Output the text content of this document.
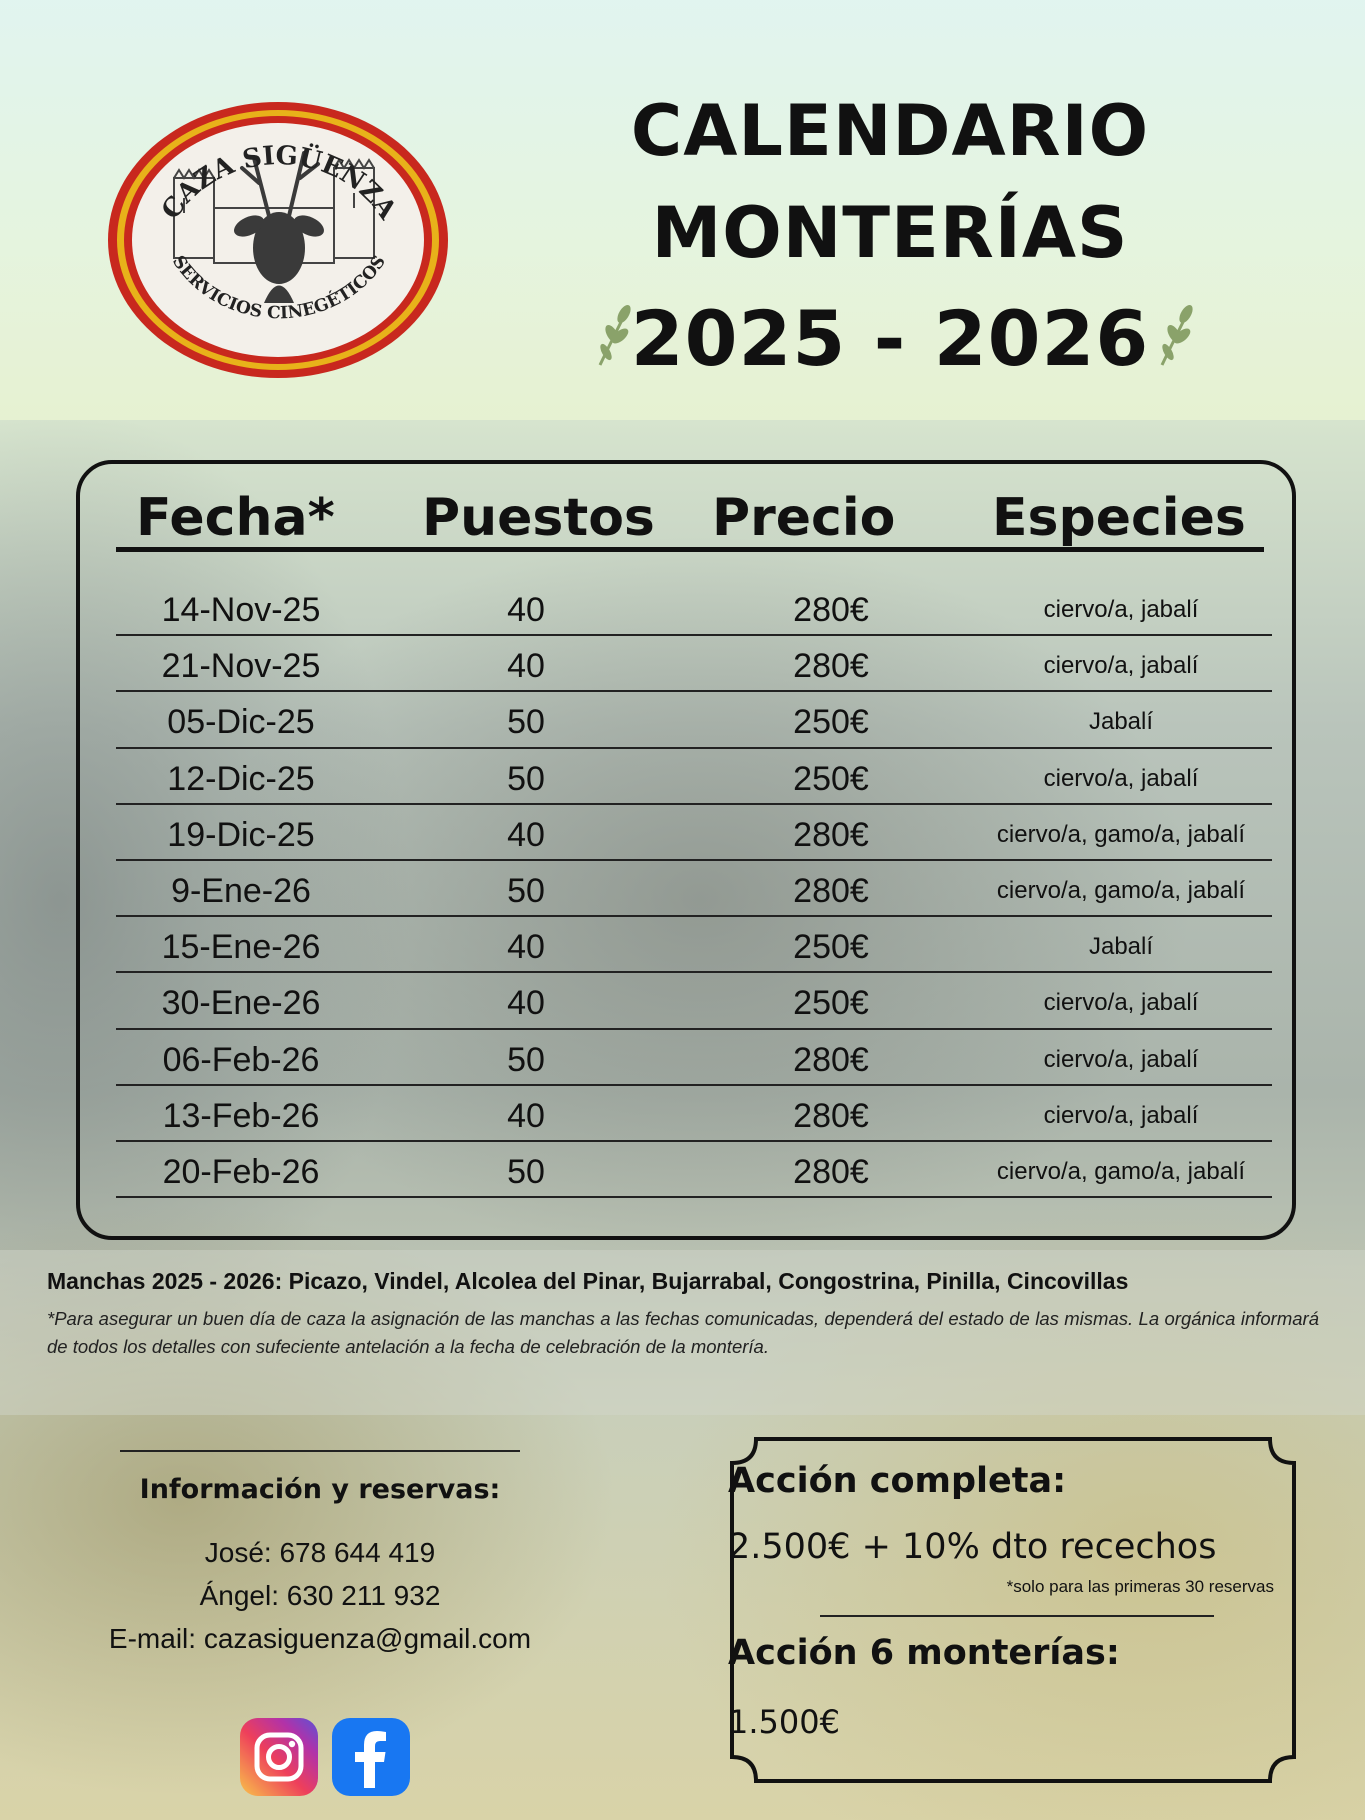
CAZA SIGÜENZA
SERVICIOS CINEGÉTICOS
CALENDARIO
MONTERÍAS
2025 - 2026
Fecha* Puestos Precio Especies
14-Nov-25	40	280€	ciervo/a, jabalí
21-Nov-25	40	280€	ciervo/a, jabalí
05-Dic-25	50	250€	Jabalí
12-Dic-25	50	250€	ciervo/a, jabalí
19-Dic-25	40	280€	ciervo/a, gamo/a, jabalí
9-Ene-26	50	280€	ciervo/a, gamo/a, jabalí
15-Ene-26	40	250€	Jabalí
30-Ene-26	40	250€	ciervo/a, jabalí
06-Feb-26	50	280€	ciervo/a, jabalí
13-Feb-26	40	280€	ciervo/a, jabalí
20-Feb-26	50	280€	ciervo/a, gamo/a, jabalí
Manchas 2025 - 2026: Picazo, Vindel, Alcolea del Pinar, Bujarrabal, Congostrina, Pinilla, Cincovillas
*Para asegurar un buen día de caza la asignación de las manchas a las fechas comunicadas, dependerá del estado de las mismas. La orgánica informará de todos los detalles con sufeciente antelación a la fecha de celebración de la montería.
Información y reservas:

José: 678 644 419

Ángel: 630 211 932

E-mail: cazasiguenza@gmail.com

Acción completa:
2.500€ + 10% dto recechos
*solo para las primeras 30 reservas
Acción 6 monterías:
1.500€
